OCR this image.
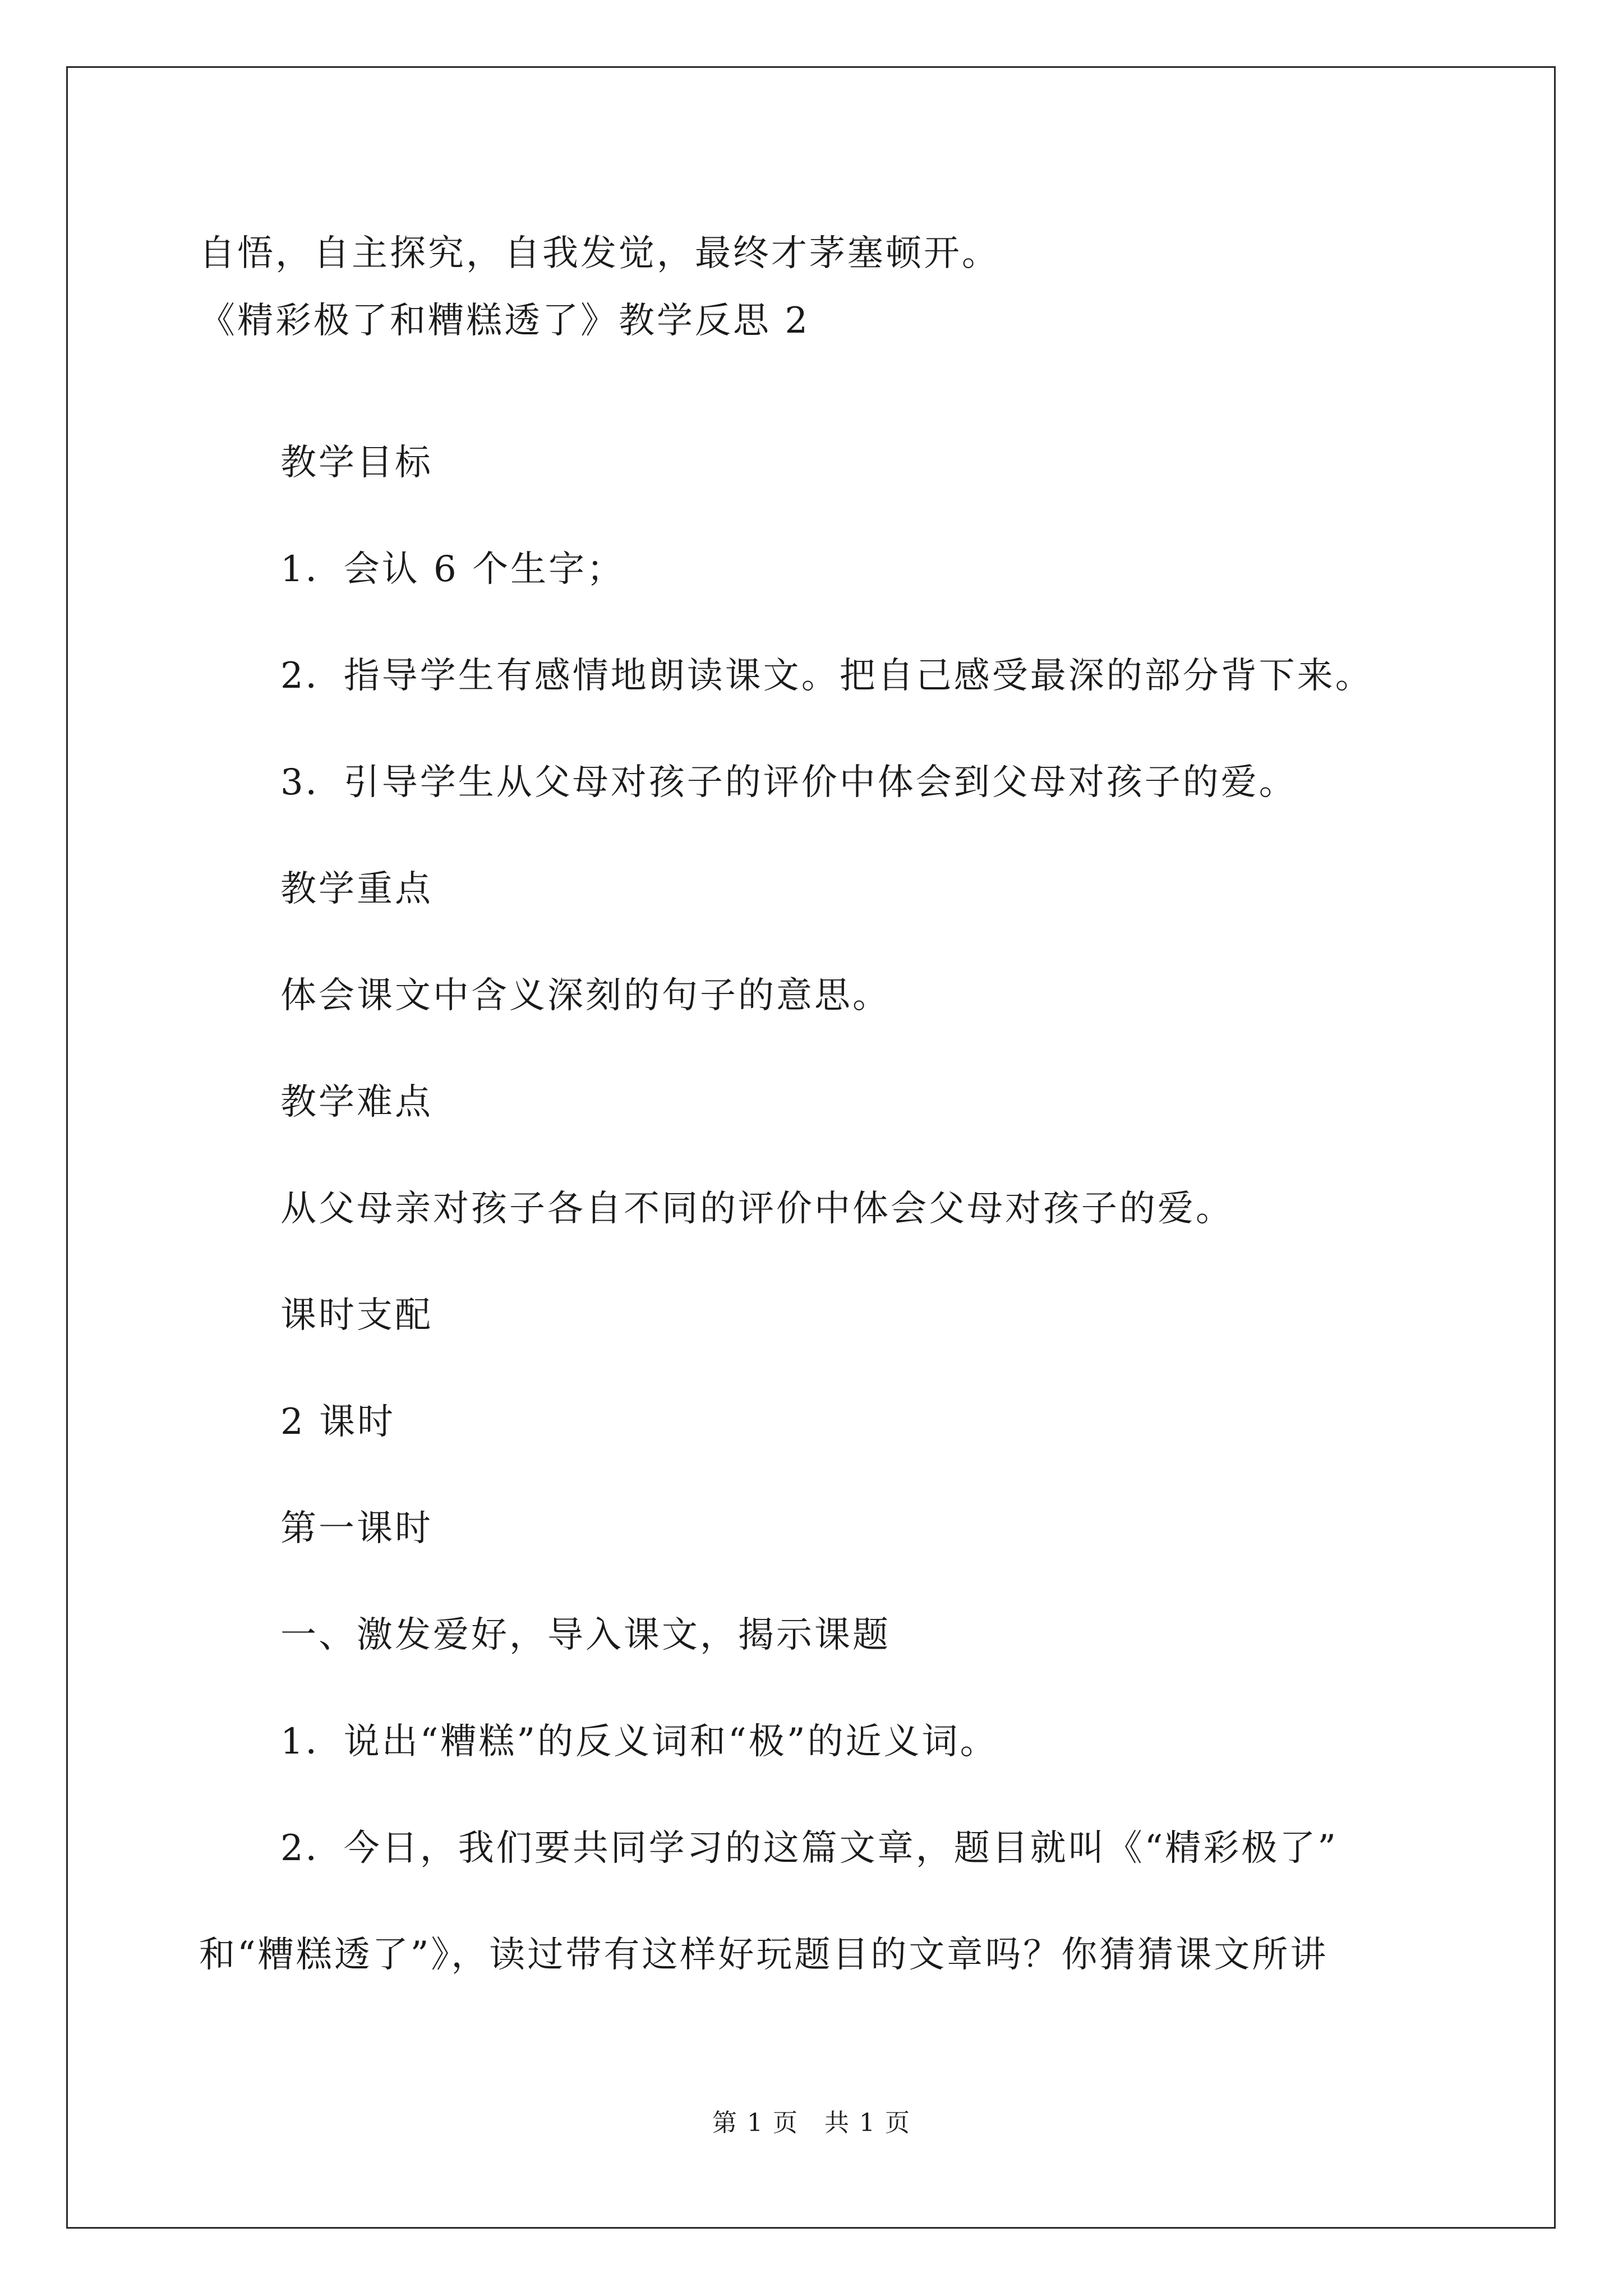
自悟，自主探究，自我发觉，最终才茅塞顿开。
《精彩极了和糟糕透了》教学反思 2
教学目标
1．会认 6 个生字；
2．指导学生有感情地朗读课文。把自己感受最深的部分背下来。
3．引导学生从父母对孩子的评价中体会到父母对孩子的爱。
教学重点
体会课文中含义深刻的句子的意思。
教学难点
从父母亲对孩子各自不同的评价中体会父母对孩子的爱。
课时支配
2 课时
第一课时
一、激发爱好，导入课文，揭示课题
1．说出“糟糕”的反义词和“极”的近义词。
2．今日，我们要共同学习的这篇文章，题目就叫《“精彩极了”
和“糟糕透了”》，读过带有这样好玩题目的文章吗？你猜猜课文所讲
第 1 页　共 1 页
